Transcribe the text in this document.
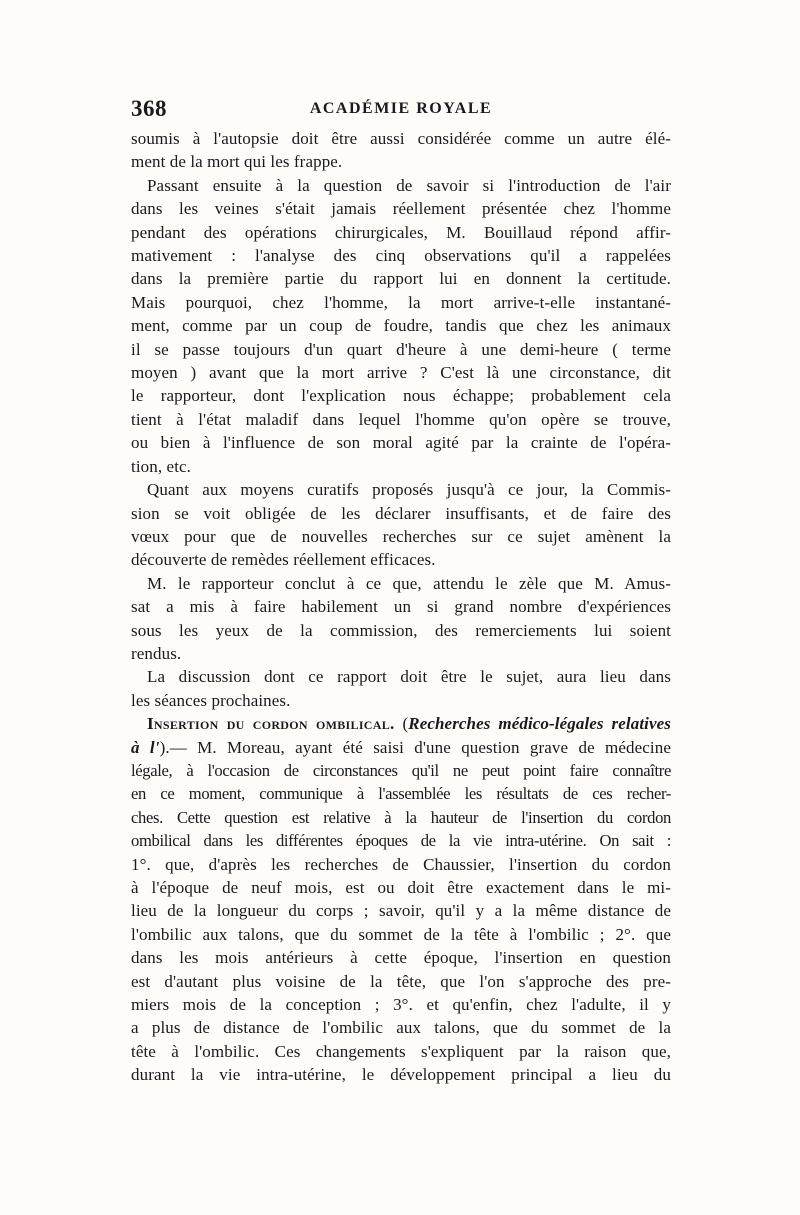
368	ACADÉMIE ROYALE

soumis à l'autopsie doit être aussi considérée comme un autre élé-

ment de la mort qui les frappe.

Passant ensuite à la question de savoir si l'introduction de l'air

dans les veines s'était jamais réellement présentée chez l'homme

pendant des opérations chirurgicales, M. Bouillaud répond affir-

mativement : l'analyse des cinq observations qu'il a rappelées

dans la première partie du rapport lui en donnent la certitude.

Mais pourquoi, chez l'homme, la mort arrive-t-elle instantané-

ment, comme par un coup de foudre, tandis que chez les animaux

il se passe toujours d'un quart d'heure à une demi-heure ( terme

moyen ) avant que la mort arrive ? C'est là une circonstance, dit

le rapporteur, dont l'explication nous échappe; probablement cela

tient à l'état maladif dans lequel l'homme qu'on opère se trouve,

ou bien à l'influence de son moral agité par la crainte de l'opéra-

tion, etc.

Quant aux moyens curatifs proposés jusqu'à ce jour, la Commis-

sion se voit obligée de les déclarer insuffisants, et de faire des

vœux pour que de nouvelles recherches sur ce sujet amènent la

découverte de remèdes réellement efficaces.

M. le rapporteur conclut à ce que, attendu le zèle que M. Amus-

sat a mis à faire habilement un si grand nombre d'expériences

sous les yeux de la commission, des remerciements lui soient

rendus.

La discussion dont ce rapport doit être le sujet, aura lieu dans

les séances prochaines.

Insertion du cordon ombilical. (Recherches médico-légales relatives

à l').— M. Moreau, ayant été saisi d'une question grave de médecine

légale, à l'occasion de circonstances qu'il ne peut point faire connaître

en ce moment, communique à l'assemblée les résultats de ces recher-

ches. Cette question est relative à la hauteur de l'insertion du cordon

ombilical dans les différentes époques de la vie intra-utérine. On sait :

1°. que, d'après les recherches de Chaussier, l'insertion du cordon

à l'époque de neuf mois, est ou doit être exactement dans le mi-

lieu de la longueur du corps ; savoir, qu'il y a la même distance de

l'ombilic aux talons, que du sommet de la tête à l'ombilic ; 2°. que

dans les mois antérieurs à cette époque, l'insertion en question

est d'autant plus voisine de la tête, que l'on s'approche des pre-

miers mois de la conception ; 3°. et qu'enfin, chez l'adulte, il y

a plus de distance de l'ombilic aux talons, que du sommet de la

tête à l'ombilic. Ces changements s'expliquent par la raison que,

durant la vie intra-utérine, le développement principal a lieu du
